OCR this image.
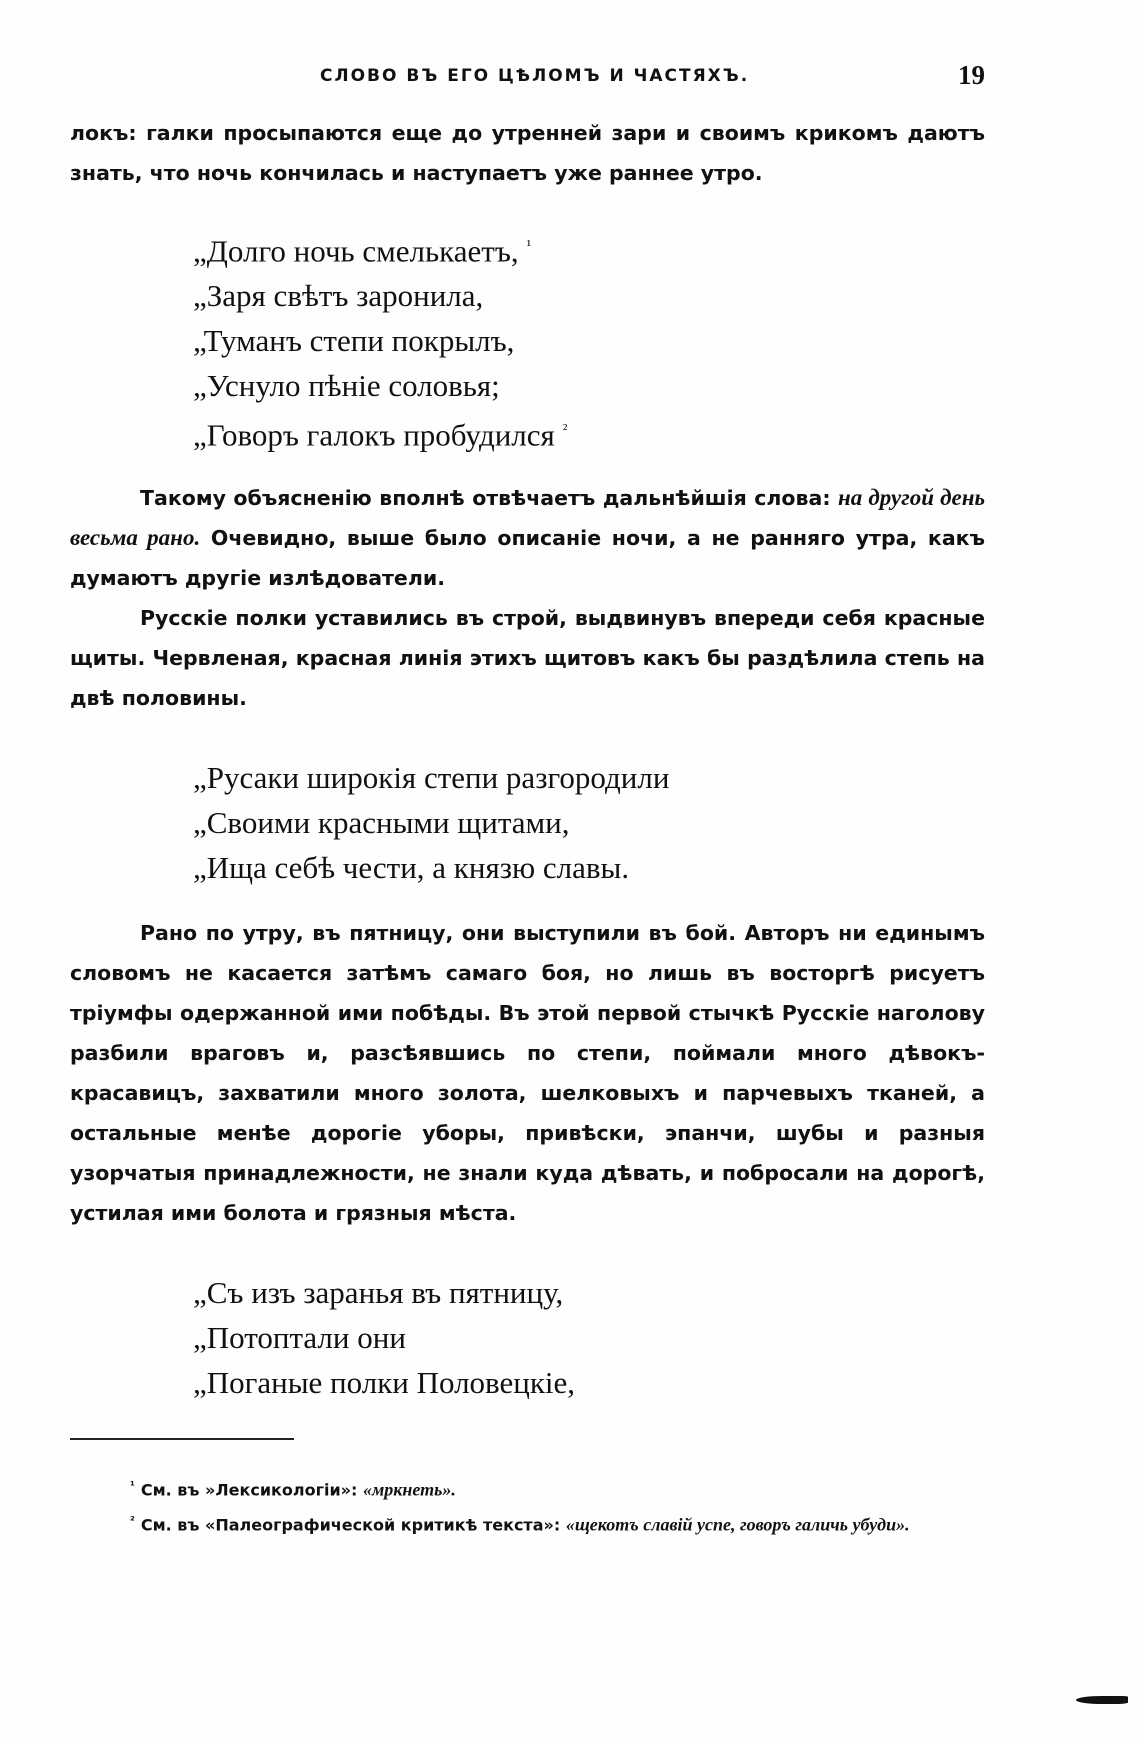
СЛОВО ВЪ ЕГО ЦѢЛОМЪ И ЧАСТЯХЪ.	19

локъ: галки просыпаются еще до утренней зари и своимъ крикомъ даютъ знать, что ночь кончилась и наступаетъ уже раннее утро.

„Долго ночь смелькаетъ, $^{^1}$
„Заря свѣтъ заронила,
„Туманъ степи покрылъ,
„Уснуло пѣніе соловья;
„Говоръ галокъ пробудился $^{^2}$

Такому объясненію вполнѣ отвѣчаетъ дальнѣйшія слова: на другой день весьма рано. Очевидно, выше было описаніе ночи, а не ранняго утра, какъ думаютъ другіе излѣдователи.

Русскіе полки уставились въ строй, выдвинувъ впереди себя красные щиты. Червленая, красная линія этихъ щитовъ какъ бы раздѣлила степь на двѣ половины.

„Русаки широкія степи разгородили
„Своими красными щитами,
„Ища себѣ чести, а князю славы.

Рано по утру, въ пятницу, они выступили въ бой. Авторъ ни единымъ словомъ не касается затѣмъ самаго боя, но лишь въ восторгѣ рисуетъ тріумфы одержанной ими побѣды. Въ этой первой стычкѣ Русскіе наголову разбили враговъ и, разсѣявшись по степи, поймали много дѣвокъ-красавицъ, захватили много золота, шелковыхъ и парчевыхъ тканей, а остальные менѣе дорогіе уборы, привѣски, эпанчи, шубы и разныя узорчатыя принадлежности, не знали куда дѣвать, и побросали на дорогѣ, устилая ими болота и грязныя мѣста.

„Съ изъ заранья въ пятницу,
„Потоптали они
„Поганые полки Половецкіе,

$^{^1}$ См. въ »Лексикологіи»: «мркнеть».

$^{^2}$ См. въ «Палеографической критикѣ текста»: «щекотъ славій успе, говоръ галичь убуди».
